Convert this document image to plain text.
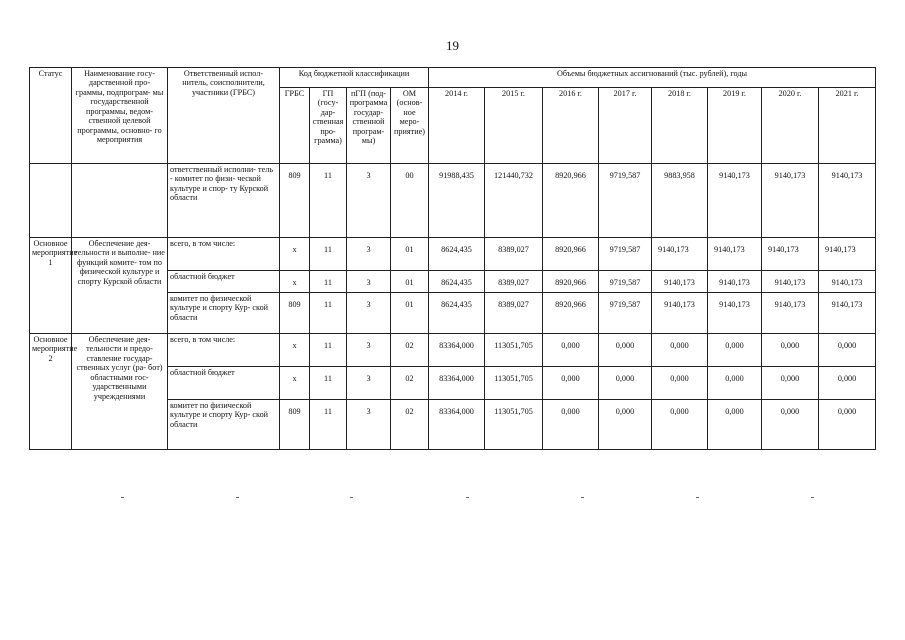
19
Статус	Наименование госу- дарственной про- граммы, подпрограм- мы государственной программы, ведом- ственной целевой программы, основно- го мероприятия	Ответственный испол- нитель, соисполнители, участники (ГРБС)	Код бюджетной классификации				Объемы бюджетных ассигнований (тыс. рублей), годы							
			ГРБС	ГП (госу- дар- ственная про- грамма)	пГП (под- программа государ- ственной програм- мы)	ОМ (основ- ное меро- приятие)	2014 г.	2015 г.	2016 г.	2017 г.	2018 г.	2019 г.	2020 г.	2021 г.
		ответственный исполни- тель - комитет по физи- ческой культуре и спор- ту Курской области	809	11	3	00	91988,435	121440,732	8920,966	9719,587	9883,958	9140,173	9140,173	9140,173
Основное мероприятие 1	Обеспечение дея- тельности и выполне- ние функций комите- том по физической культуре и спорту Курской области	всего, в том числе:	х	11	3	01	8624,435	8389,027	8920,966	9719,587	9140,173	9140,173	9140,173	9140,173
		областной бюджет	х	11	3	01	8624,435	8389,027	8920,966	9719,587	9140,173	9140,173	9140,173	9140,173
		комитет по физической культуре и спорту Кур- ской области	809	11	3	01	8624,435	8389,027	8920,966	9719,587	9140,173	9140,173	9140,173	9140,173
Основное мероприятие 2	Обеспечение дея- тельности и предо- ставление государ- ственных услуг (ра- бот) областными гос- ударственными учреждениями	всего, в том числе:	х	11	3	02	83364,000	113051,705	0,000	0,000	0,000	0,000	0,000	0,000
		областной бюджет	х	11	3	02	83364,000	113051,705	0,000	0,000	0,000	0,000	0,000	0,000
		комитет по физической культуре и спорту Кур- ской области	809	11	3	02	83364,000	113051,705	0,000	0,000	0,000	0,000	0,000	0,000
